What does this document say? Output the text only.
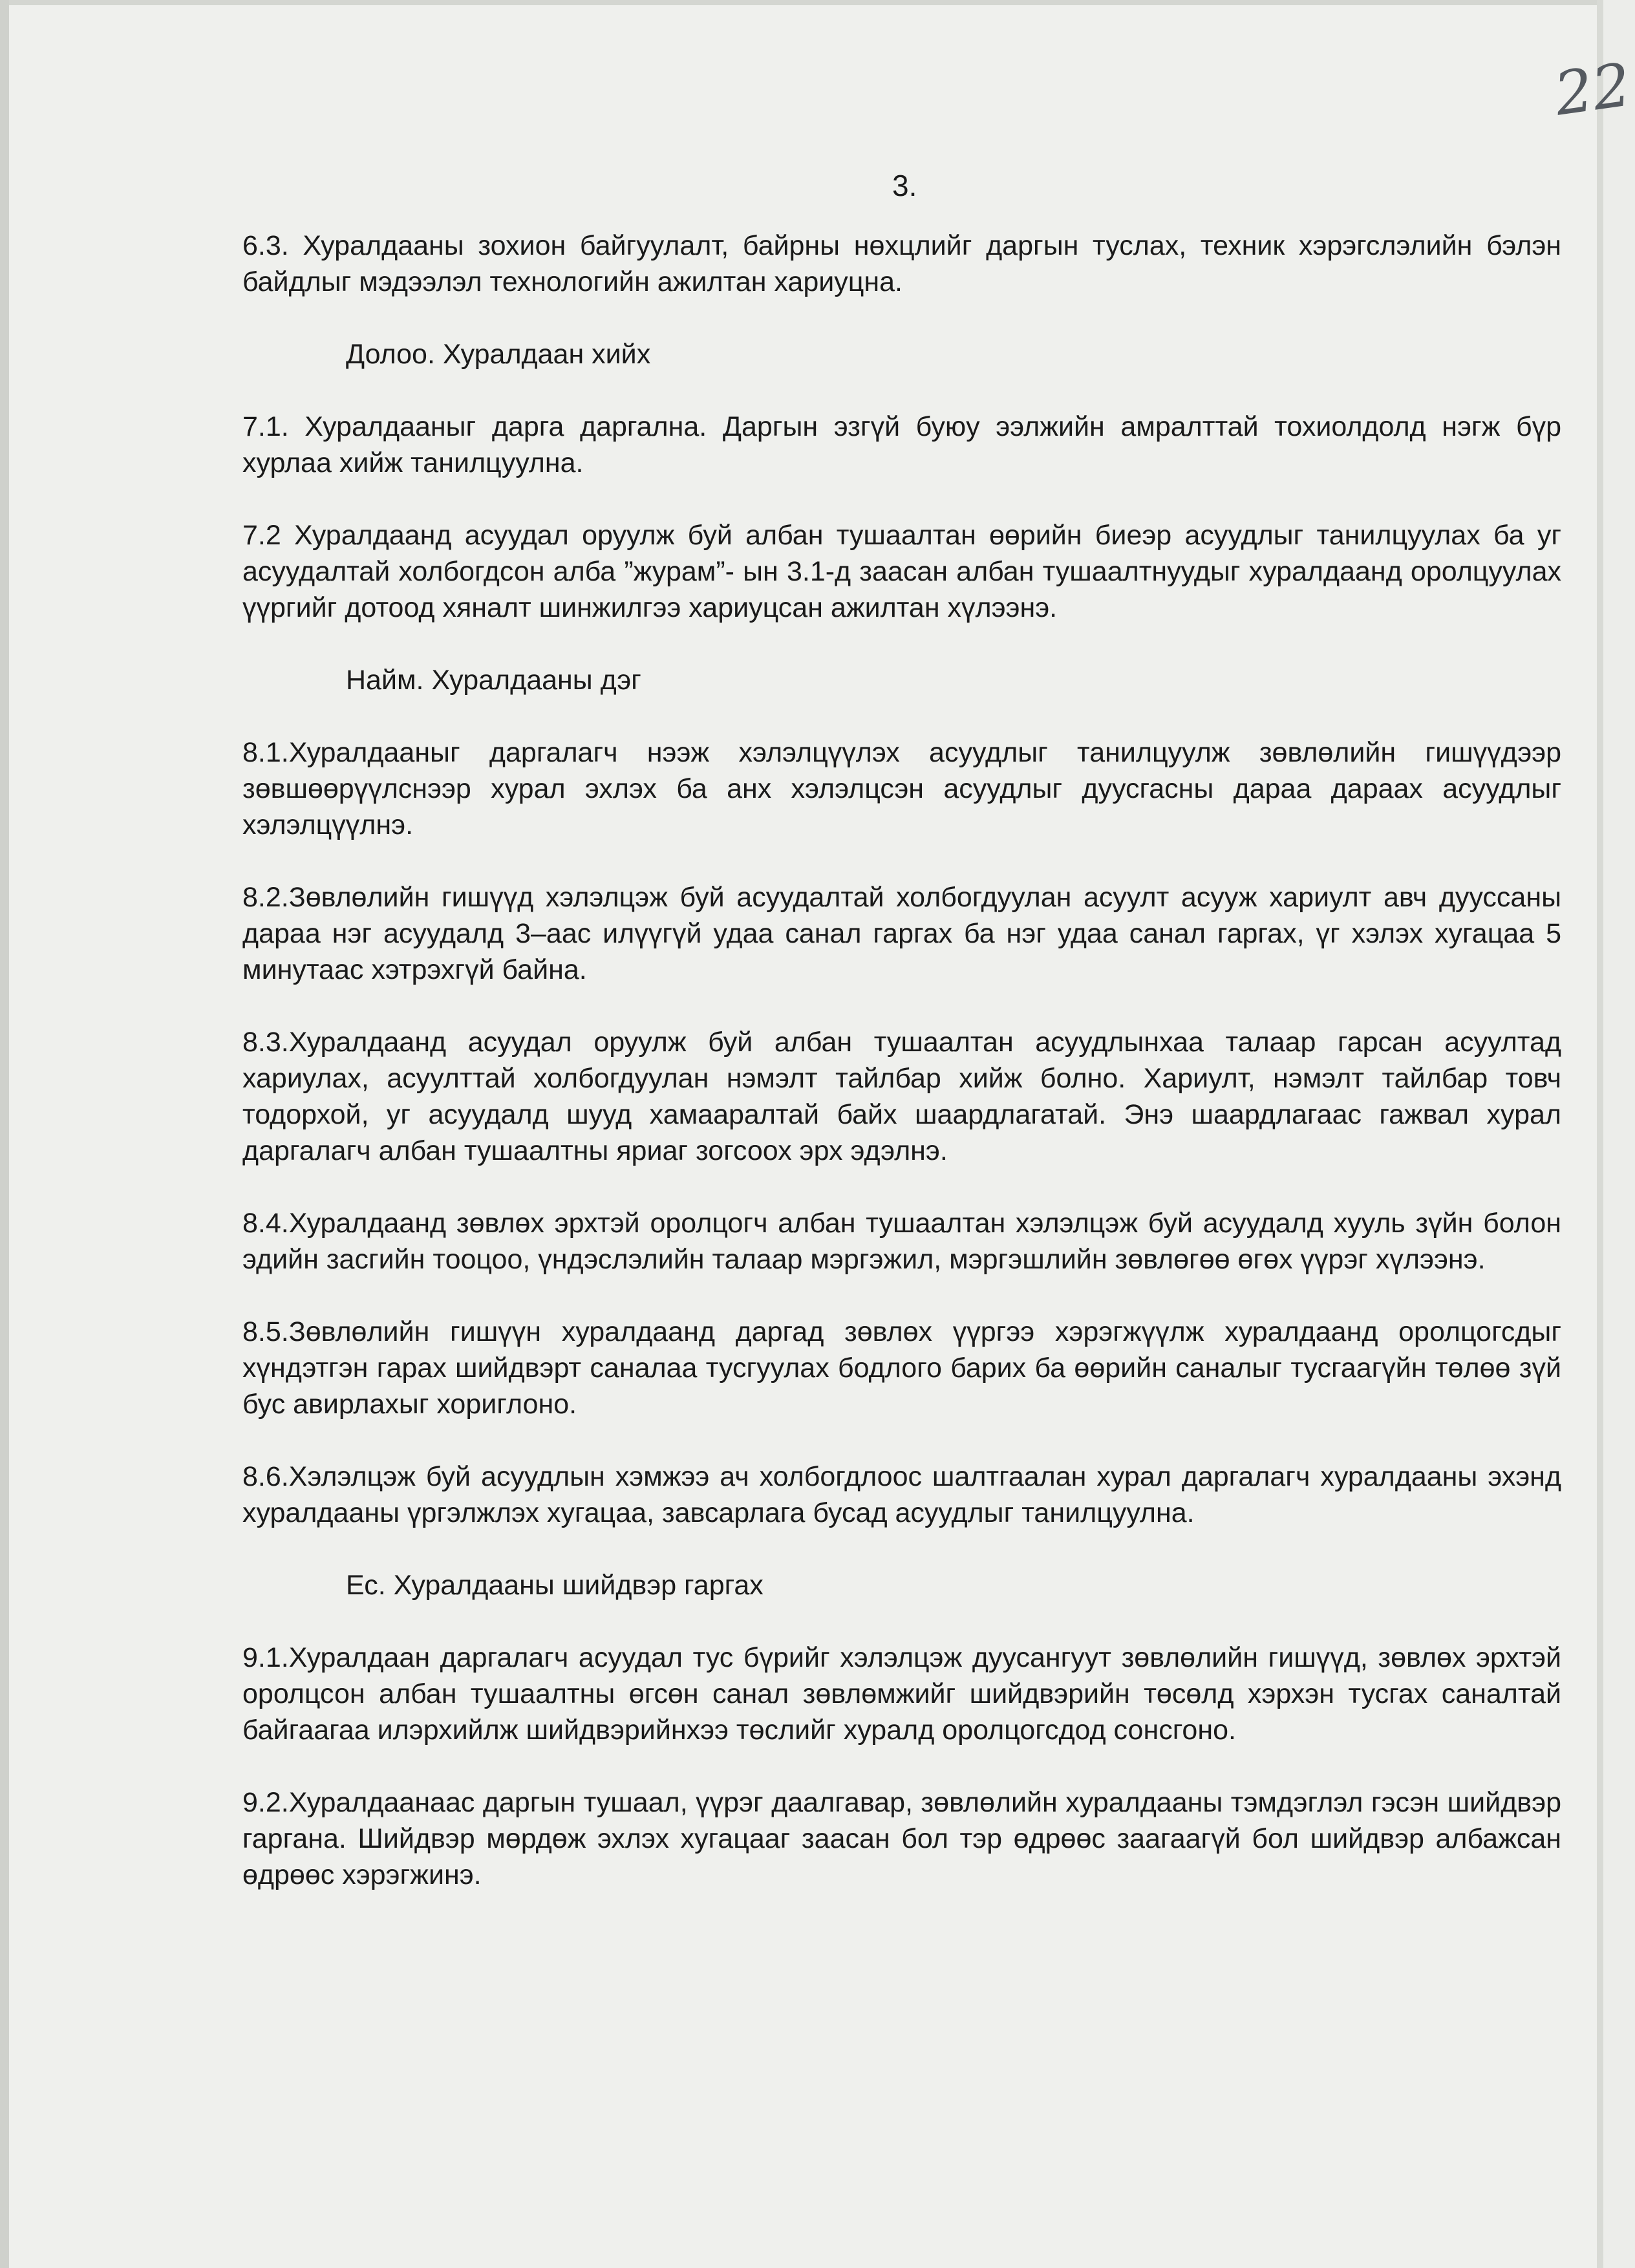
22
3.

6.3. Хуралдааны зохион байгуулалт, байрны нөхцлийг даргын туслах, техник хэрэгслэлийн бэлэн байдлыг мэдээлэл технологийн ажилтан хариуцна.

Долоо. Хуралдаан хийх

7.1. Хуралдааныг дарга даргална. Даргын эзгүй буюу ээлжийн амралттай тохиолдолд нэгж бүр хурлаа хийж танилцуулна.

7.2 Хуралдаанд асуудал оруулж буй албан тушаалтан өөрийн биеэр асуудлыг танилцуулах ба уг асуудалтай холбогдсон алба ”журам”- ын 3.1-д заасан албан тушаалтнуудыг хуралдаанд оролцуулах үүргийг дотоод хяналт шинжилгээ хариуцсан ажилтан хүлээнэ.

Найм. Хуралдааны дэг

8.1.Хуралдааныг даргалагч нээж хэлэлцүүлэх асуудлыг танилцуулж зөвлөлийн гишүүдээр зөвшөөрүүлснээр хурал эхлэх ба анх хэлэлцсэн асуудлыг дуусгасны дараа дараах асуудлыг хэлэлцүүлнэ.

8.2.Зөвлөлийн гишүүд хэлэлцэж буй асуудалтай холбогдуулан асуулт асууж хариулт авч дууссаны дараа нэг асуудалд 3–аас илүүгүй удаа санал гаргах ба нэг удаа санал гаргах, үг хэлэх хугацаа 5 минутаас хэтрэхгүй байна.

8.3.Хуралдаанд асуудал оруулж буй албан тушаалтан асуудлынхаа талаар гарсан асуултад хариулах, асуулттай холбогдуулан нэмэлт тайлбар хийж болно. Хариулт, нэмэлт тайлбар товч тодорхой, уг асуудалд шууд хамааралтай байх шаардлагатай. Энэ шаардлагаас гажвал хурал даргалагч албан тушаалтны яриаг зогсоох эрх эдэлнэ.

8.4.Хуралдаанд зөвлөх эрхтэй оролцогч албан тушаалтан хэлэлцэж буй асуудалд хууль зүйн болон эдийн засгийн тооцоо, үндэслэлийн талаар мэргэжил, мэргэшлийн зөвлөгөө өгөх үүрэг хүлээнэ.

8.5.Зөвлөлийн гишүүн хуралдаанд даргад зөвлөх үүргээ хэрэгжүүлж хуралдаанд оролцогсдыг хүндэтгэн гарах шийдвэрт саналаа тусгуулах бодлого барих ба өөрийн саналыг тусгаагүйн төлөө зүй бус авирлахыг хориглоно.

8.6.Хэлэлцэж буй асуудлын хэмжээ ач холбогдлоос шалтгаалан хурал даргалагч хуралдааны эхэнд хуралдааны үргэлжлэх хугацаа, завсарлага бусад асуудлыг танилцуулна.

Ес. Хуралдааны шийдвэр гаргах

9.1.Хуралдаан даргалагч асуудал тус бүрийг хэлэлцэж дуусангуут зөвлөлийн гишүүд, зөвлөх эрхтэй оролцсон албан тушаалтны өгсөн санал зөвлөмжийг шийдвэрийн төсөлд хэрхэн тусгах саналтай байгаагаа илэрхийлж шийдвэрийнхээ төслийг хуралд оролцогсдод сонсгоно.

9.2.Хуралдаанаас даргын тушаал, үүрэг даалгавар, зөвлөлийн хуралдааны тэмдэглэл гэсэн шийдвэр гаргана. Шийдвэр мөрдөж эхлэх хугацааг заасан бол тэр өдрөөс заагаагүй бол шийдвэр албажсан өдрөөс хэрэгжинэ.
